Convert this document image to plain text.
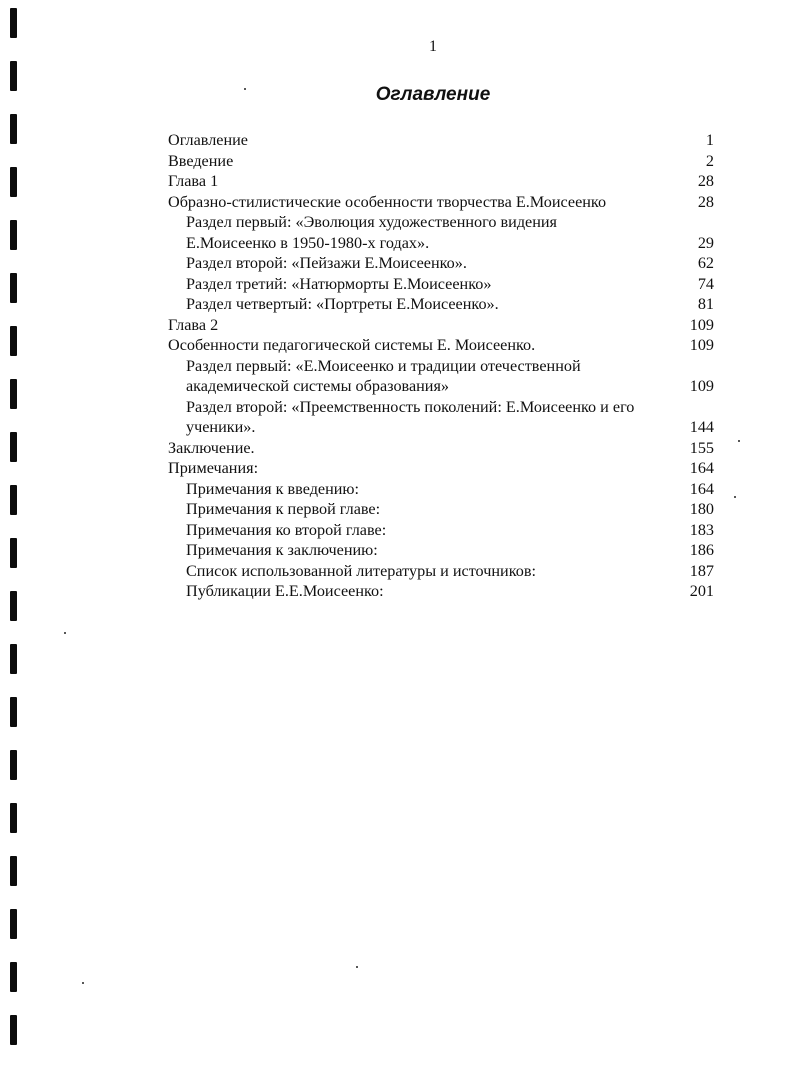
1
Оглавление
Оглавление	1
Введение	2
Глава 1	28
Образно-стилистические особенности творчества Е.Моисеенко	28
Раздел первый: «Эволюция художественного видения
Е.Моисеенко в 1950-1980-х годах».	29
Раздел второй: «Пейзажи Е.Моисеенко».	62
Раздел третий: «Натюрморты Е.Моисеенко»	74
Раздел четвертый: «Портреты Е.Моисеенко».	81
Глава 2	109
Особенности педагогической системы Е. Моисеенко.	109
Раздел первый: «Е.Моисеенко и традиции отечественной
академической системы образования»	109
Раздел второй: «Преемственность поколений: Е.Моисеенко и его
ученики».	144
Заключение.	155
Примечания:	164
Примечания к введению:	164
Примечания к первой главе:	180
Примечания ко второй главе:	183
Примечания к заключению:	186
Список использованной литературы и источников:	187
Публикации Е.Е.Моисеенко:	201
